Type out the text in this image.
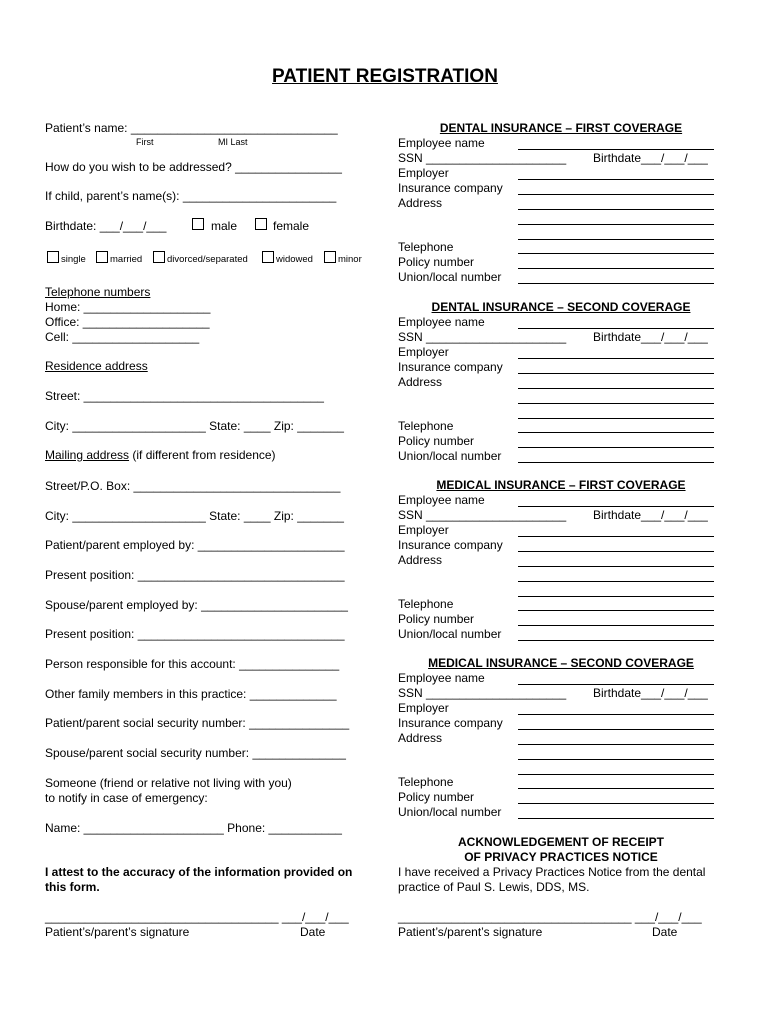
PATIENT REGISTRATION
Patient’s name: _______________________________
First	MI Last
How do you wish to be addressed? ________________
If child, parent’s name(s): _______________________
Birthdate: ___/___/___	male	female
single	married	divorced/separated	widowed	minor
Telephone numbers
Home: ___________________
Office: ___________________
Cell: ___________________
Residence address
Street: ____________________________________
City: ____________________ State: ____ Zip: _______
Mailing address (if different from residence)
Street/P.O. Box: _______________________________
City: ____________________ State: ____ Zip: _______
Patient/parent employed by: ______________________
Present position: _______________________________
Spouse/parent employed by: ______________________
Present position: _______________________________
Person responsible for this account: _______________
Other family members in this practice: _____________
Patient/parent social security number: _______________
Spouse/parent social security number: ______________
Someone (friend or relative not living with you)
to notify in case of emergency:
Name: _____________________ Phone: ___________
I attest to the accuracy of the information provided on
this form.
___________________________________ ___/___/___
Patient’s/parent’s signature	Date
DENTAL INSURANCE – FIRST COVERAGE
Employee name
SSN _____________________ Birthdate___/___/___
Employer
Insurance company
Address
Telephone
Policy number
Union/local number
DENTAL INSURANCE – SECOND COVERAGE
Employee name
SSN _____________________ Birthdate___/___/___
Employer
Insurance company
Address
Telephone
Policy number
Union/local number
MEDICAL INSURANCE – FIRST COVERAGE
Employee name
SSN _____________________ Birthdate___/___/___
Employer
Insurance company
Address
Telephone
Policy number
Union/local number
MEDICAL INSURANCE – SECOND COVERAGE
Employee name
SSN _____________________ Birthdate___/___/___
Employer
Insurance company
Address
Telephone
Policy number
Union/local number
ACKNOWLEDGEMENT OF RECEIPT
OF PRIVACY PRACTICES NOTICE
I have received a Privacy Practices Notice from the dental
practice of Paul S. Lewis, DDS, MS.
___________________________________ ___/___/___
Patient’s/parent’s signature	Date
